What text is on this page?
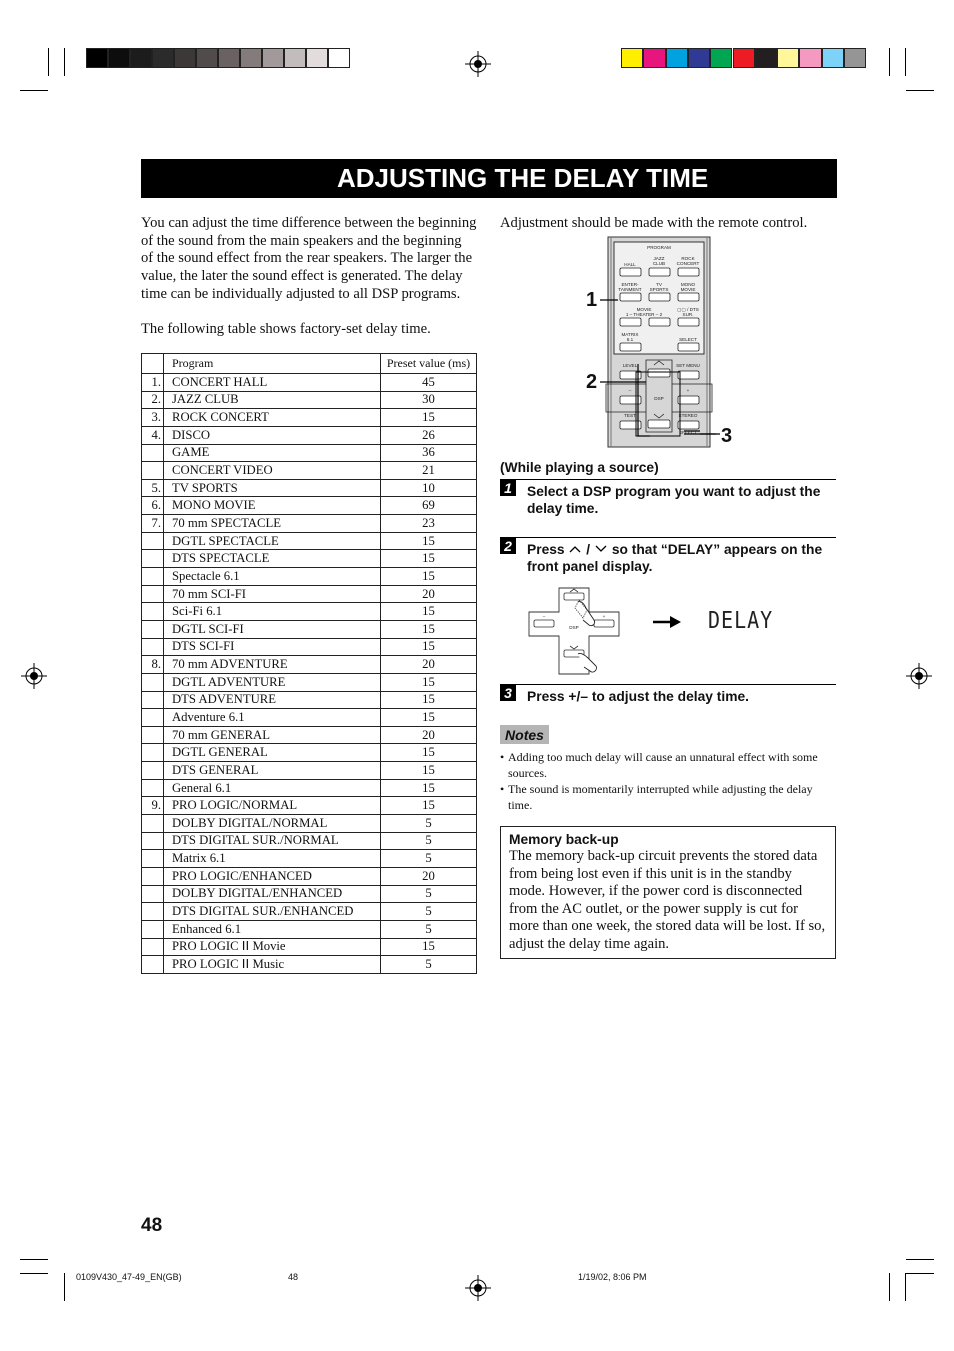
ADJUSTING THE DELAY TIME
You can adjust the time difference between the beginning of the sound from the main speakers and the beginning of the sound effect from the rear speakers. The larger the value, the later the sound effect is generated. The delay time can be individually adjusted to all DSP programs.
The following table shows factory-set delay time.
	Program	Preset value (ms)
1.	CONCERT HALL	45
2.	JAZZ CLUB	30
3.	ROCK CONCERT	15
4.	DISCO	26
	GAME	36
	CONCERT VIDEO	21
5.	TV SPORTS	10
6.	MONO MOVIE	69
7.	70 mm SPECTACLE	23
	DGTL SPECTACLE	15
	DTS SPECTACLE	15
	Spectacle 6.1	15
	70 mm SCI-FI	20
	Sci-Fi 6.1	15
	DGTL SCI-FI	15
	DTS SCI-FI	15
8.	70 mm ADVENTURE	20
	DGTL ADVENTURE	15
	DTS ADVENTURE	15
	Adventure 6.1	15
	70 mm GENERAL	20
	DGTL GENERAL	15
	DTS GENERAL	15
	General 6.1	15
9.	PRO LOGIC/NORMAL	15
	DOLBY DIGITAL/NORMAL	5
	DTS DIGITAL SUR./NORMAL	5
	Matrix 6.1	5
	PRO LOGIC/ENHANCED	20
	DOLBY DIGITAL/ENHANCED	5
	DTS DIGITAL SUR./ENHANCED	5
	Enhanced 6.1	5
	PRO LOGIC ⅠⅠ Movie	15
	PRO LOGIC ⅠⅠ Music	5
Adjustment should be made with the remote control.
PROGRAM
HALL
JAZZ
CLUB
ROCK
CONCERT
ENTER-
TAINMENT
TV
SPORTS
MONO
MOVIE
MOVIE
1 – THEATER – 2
▢▢ / DTS
SUR.
MATRIX
6.1	SELECT
LEVEL	SET MENU
–	+
DSP
TEST	STEREO
EFFECT
1
2
3
(While playing a source)
1 Select a DSP program you want to adjust the delay time.
2 Press / so that “DELAY” appears on the front panel display.
–	+
DSP	DELAY
3 Press +/– to adjust the delay time.
Notes
• Adding too much delay will cause an unnatural effect with some sources.
• The sound is momentarily interrupted while adjusting the delay time.
Memory back-up
The memory back-up circuit prevents the stored data from being lost even if this unit is in the standby mode. However, if the power cord is disconnected from the AC outlet, or the power supply is cut for more than one week, the stored data will be lost. If so, adjust the delay time again.
48
0109V430_47-49_EN(GB)	48	1/19/02, 8:06 PM
